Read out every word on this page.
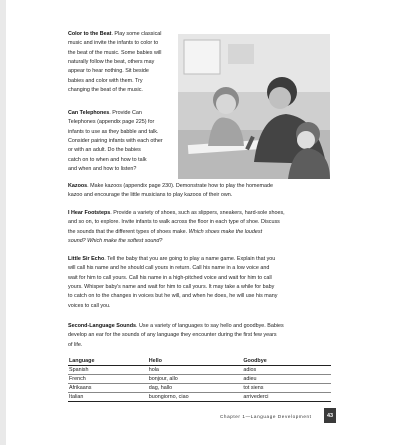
Color to the Beat. Play some classical

music and invite the infants to color to

the beat of the music. Some babies will

naturally follow the beat, others may

appear to hear nothing. Sit beside

babies and color with them. Try

changing the beat of the music.

Can Telephones. Provide Can

Telephones (appendix page 225) for

infants to use as they babble and talk.

Consider pairing infants with each other

or with an adult. Do the babies

catch on to when and how to talk

and when and how to listen?

Kazoos. Make kazoos (appendix page 230). Demonstrate how to play the homemade

kazoo and encourage the little musicians to play kazoos of their own.

I Hear Footsteps. Provide a variety of shoes, such as slippers, sneakers, hard-sole shoes,

and so on, to explore. Invite infants to walk across the floor in each type of shoe. Discuss

the sounds that the different types of shoes make. Which shoes make the loudest

sound? Which make the softest sound?

Little Sir Echo. Tell the baby that you are going to play a name game. Explain that you

will call his name and he should call yours in return. Call his name in a low voice and

wait for him to call yours. Call his name in a high-pitched voice and wait for him to call

yours. Whisper baby's name and wait for him to call yours. It may take a while for baby

to catch on to the changes in voices but he will, and when he does, he will use his many

voices to call you.

Second-Language Sounds. Use a variety of languages to say hello and goodbye. Babies

develop an ear for the sounds of any language they encounter during the first few years

of life.

Language	Hello	Goodbye
Spanish	hola	adios
French	bonjour, allo	adieu
Afrikaans	dag, hallo	tot siens
Italian	buongiorno, ciao	arrivederci
Chapter 1—Language Development	43
